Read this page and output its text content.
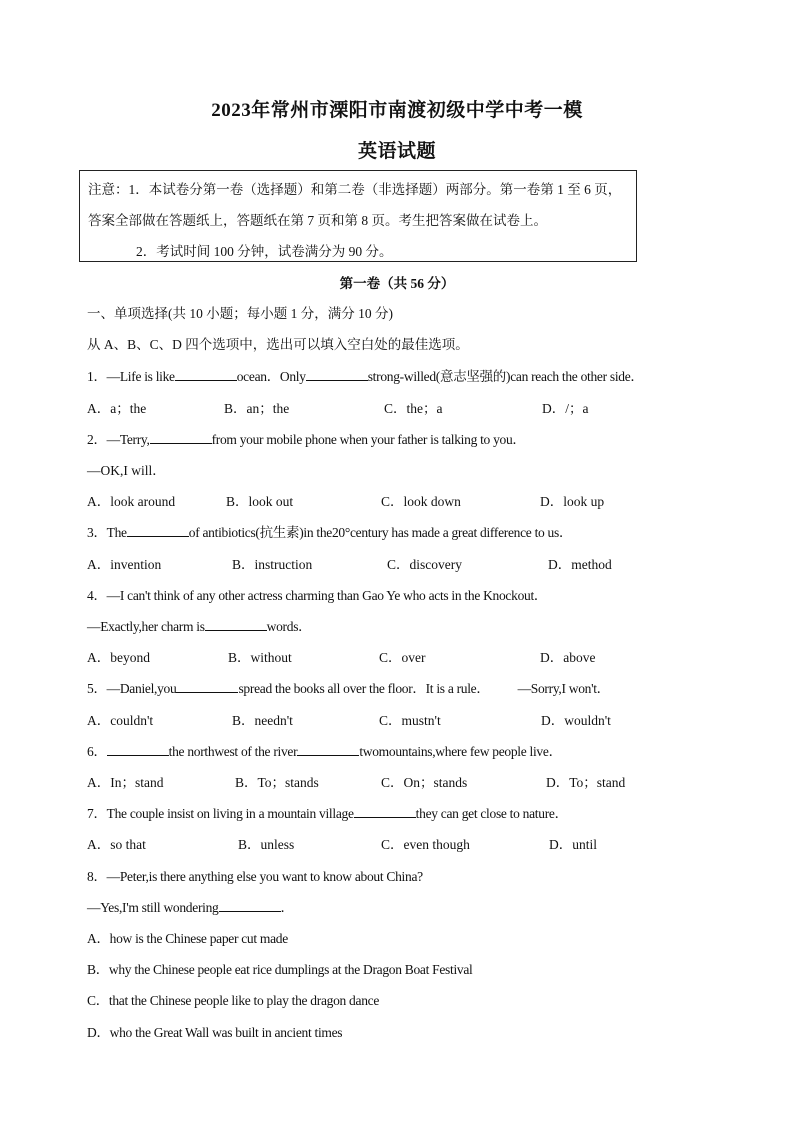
2023年常州市溧阳市南渡初级中学中考一模
英语试题
注意：1．本试卷分第一卷（选择题）和第二卷（非选择题）两部分。第一卷第 1 至 6 页，
答案全部做在答题纸上，答题纸在第 7 页和第 8 页。考生把答案做在试卷上。
2．考试时间 100 分钟，试卷满分为 90 分。
第一卷（共 56 分）
一、单项选择(共 10 小题；每小题 1 分，满分 10 分)
从 A、B、C、D 四个选项中，选出可以填入空白处的最佳选项。
1．—Life is like	ocean．Only	strong-willed(意志坚强的)can reach the other side．
A．a；the	B．an；the	C．the；a	D．/；a
2．—Terry,	from your mobile phone when your father is talking to you．
—OK,I will．
A．look around	B．look out	C．look down	D．look up
3．The	of antibiotics(抗生素)in the20°century has made a great difference to us．
A．invention	B．instruction	C．discovery	D．method
4．—I can't think of any other actress charming than Gao Ye who acts in the Knockout．
—Exactly,her charm is	words．
A．beyond	B．without	C．over	D．above
5．—Daniel,you	spread the books all over the floor．It is a rule． —Sorry,I won't．
A．couldn't	B．needn't	C．mustn't	D．wouldn't
6．	the northwest of the river	twomountains,where few people live．
A．In；stand	B．To；stands	C．On；stands	D．To；stand
7．The couple insist on living in a mountain village	they can get close to nature．
A．so that	B．unless	C．even though	D．until
8．—Peter,is there anything else you want to know about China?
—Yes,I'm still wondering	．
A．how is the Chinese paper cut made
B．why the Chinese people eat rice dumplings at the Dragon Boat Festival
C．that the Chinese people like to play the dragon dance
D．who the Great Wall was built in ancient times
